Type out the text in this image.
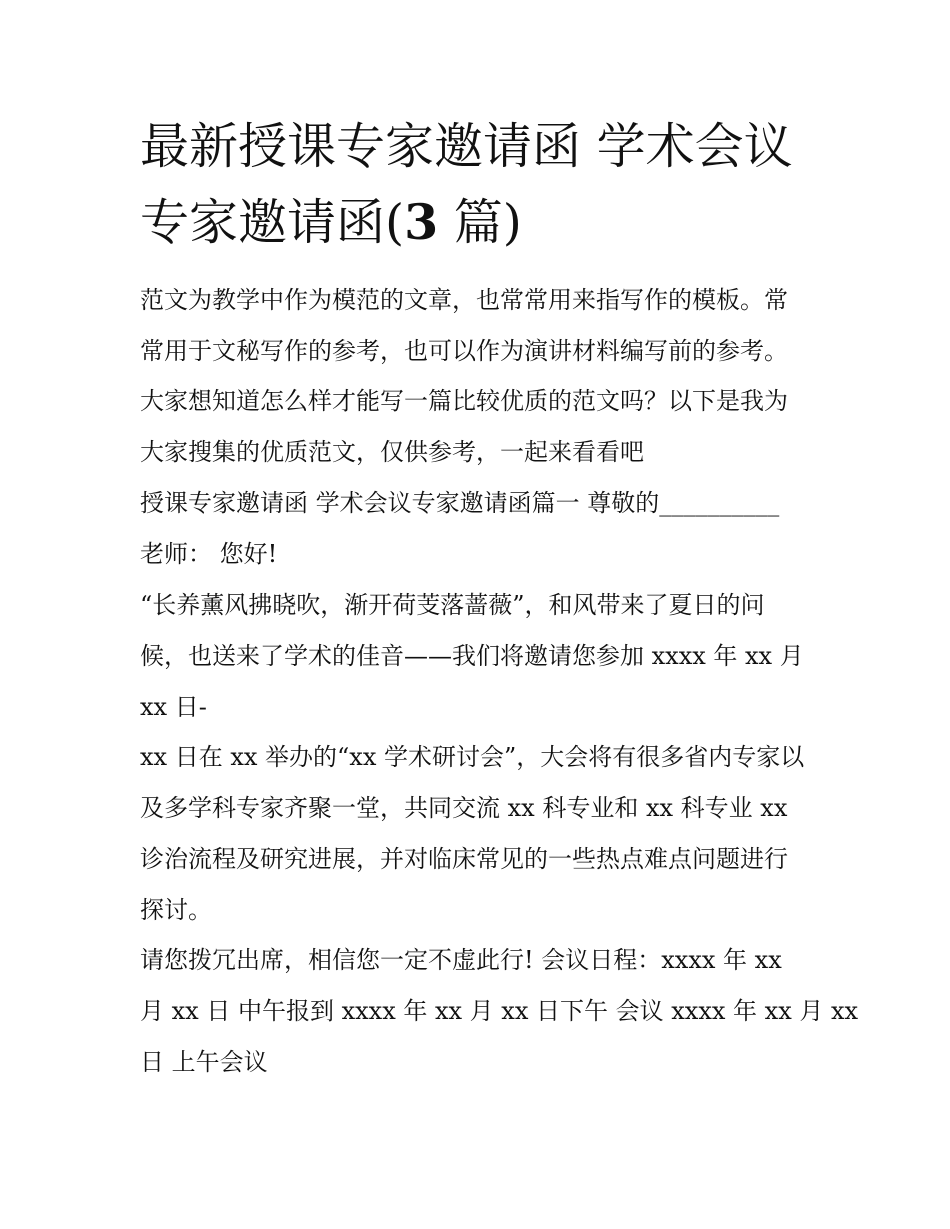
最新授课专家邀请函 学术会议
专家邀请函(3 篇)
范文为教学中作为模范的文章，也常常用来指写作的模板。常
常用于文秘写作的参考，也可以作为演讲材料编写前的参考。
大家想知道怎么样才能写一篇比较优质的范文吗？以下是我为
大家搜集的优质范文，仅供参考，一起来看看吧
授课专家邀请函 学术会议专家邀请函篇一 尊敬的__________
老师： 您好!
“长养薰风拂晓吹，渐开荷芰落蔷薇”，和风带来了夏日的问
候，也送来了学术的佳音——我们将邀请您参加 xxxx 年 xx 月
xx 日-
xx 日在 xx 举办的“xx 学术研讨会”，大会将有很多省内专家以
及多学科专家齐聚一堂，共同交流 xx 科专业和 xx 科专业 xx
诊治流程及研究进展，并对临床常见的一些热点难点问题进行
探讨。
请您拨冗出席，相信您一定不虚此行! 会议日程：xxxx 年 xx
月 xx 日 中午报到 xxxx 年 xx 月 xx 日下午 会议 xxxx 年 xx 月 xx
日 上午会议
